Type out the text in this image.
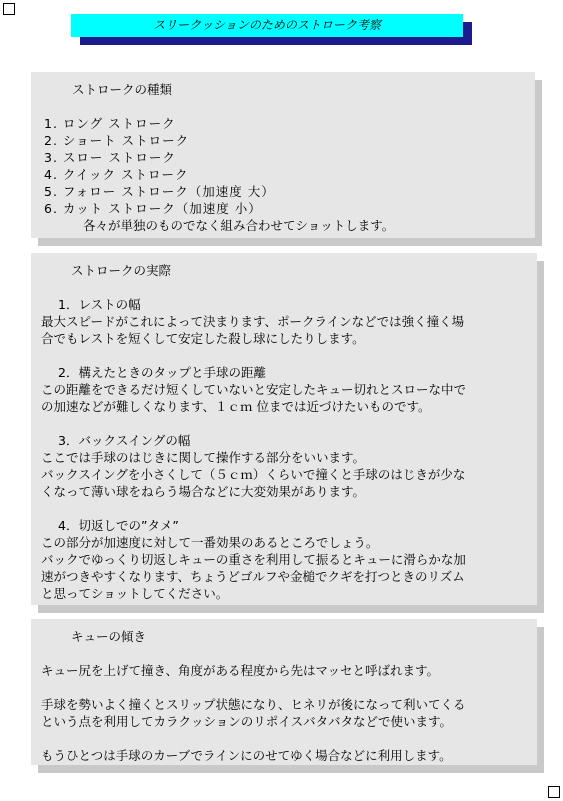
スリークッションのためのストローク考察
ストロークの種類
1. ロング ストローク
2. ショート ストローク
3. スロー ストローク
4. クイック ストローク
5. フォロー ストローク（加速度 大）
6. カット ストローク（加速度 小）
各々が単独のものでなく組み合わせてショットします。
ストロークの実際
1．レストの幅
最大スピードがこれによって決まります、ポークラインなどでは強く撞く場
合でもレストを短くして安定した殺し球にしたりします。
2．構えたときのタップと手球の距離
この距離をできるだけ短くしていないと安定したキュー切れとスローな中で
の加速などが難しくなります、１ｃｍ 位までは近づけたいものです。
3．バックスイングの幅
ここでは手球のはじきに関して操作する部分をいいます。
バックスイングを小さくして（５ｃｍ）くらいで撞くと手球のはじきが少な
くなって薄い球をねらう場合などに大変効果があります。
4．切返しでの”タメ”
この部分が加速度に対して一番効果のあるところでしょう。
バックでゆっくり切返しキューの重さを利用して振るとキューに滑らかな加
速がつきやすくなります、ちょうどゴルフや金槌でクギを打つときのリズム
と思ってショットしてください。
キューの傾き
キュー尻を上げて撞き、角度がある程度から先はマッセと呼ばれます。
手球を勢いよく撞くとスリップ状態になり、ヒネリが後になって利いてくる
という点を利用してカラクッションのリポイスバタバタなどで使います。
もうひとつは手球のカーブでラインにのせてゆく場合などに利用します。
